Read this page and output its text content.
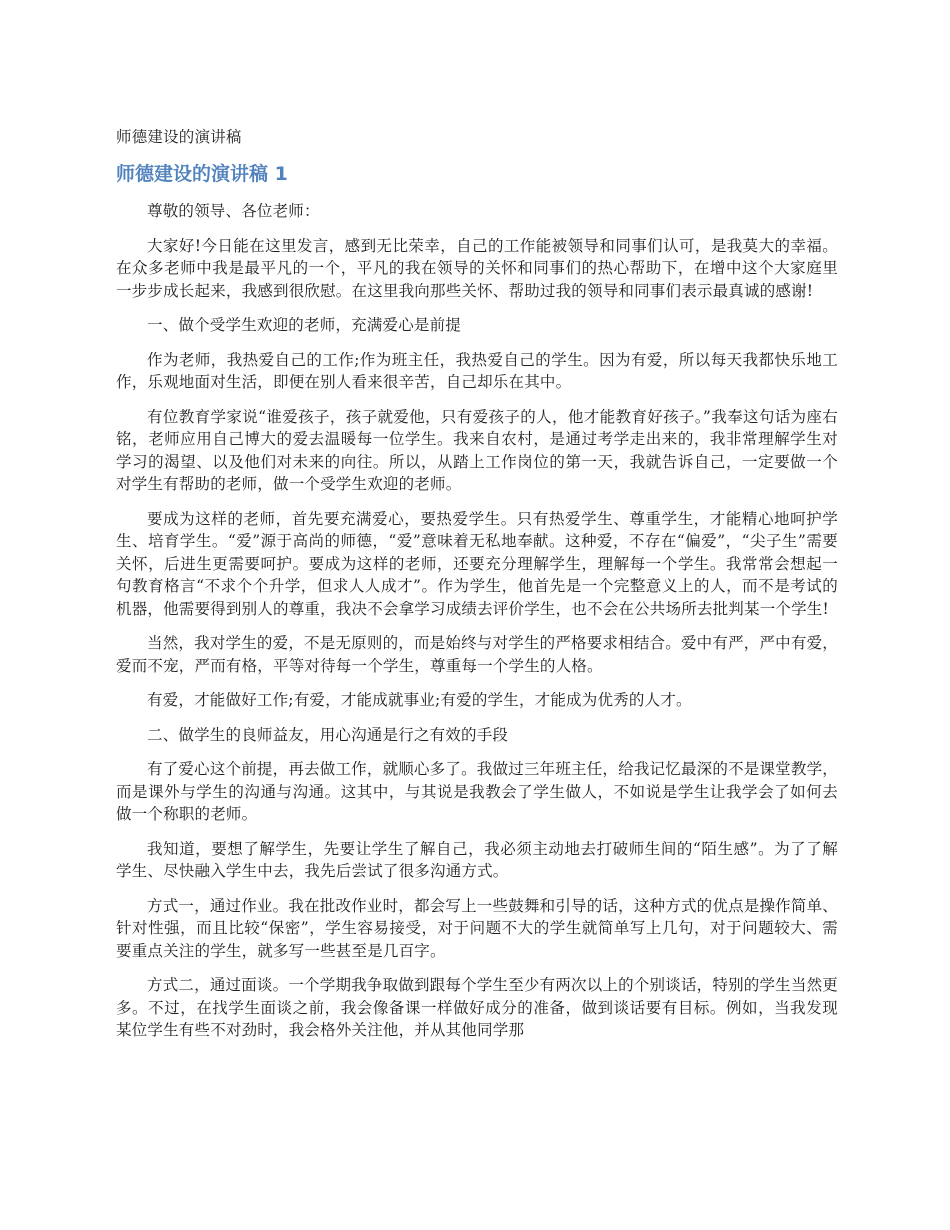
师德建设的演讲稿
师德建设的演讲稿 1

尊敬的领导、各位老师：

大家好!今日能在这里发言，感到无比荣幸，自己的工作能被领导和同事们认可，是我莫大的幸福。在众多老师中我是最平凡的一个，平凡的我在领导的关怀和同事们的热心帮助下，在增中这个大家庭里一步步成长起来，我感到很欣慰。在这里我向那些关怀、帮助过我的领导和同事们表示最真诚的感谢!

一、做个受学生欢迎的老师，充满爱心是前提

作为老师，我热爱自己的工作;作为班主任，我热爱自己的学生。因为有爱，所以每天我都快乐地工作，乐观地面对生活，即便在别人看来很辛苦，自己却乐在其中。

有位教育学家说“谁爱孩子，孩子就爱他，只有爱孩子的人，他才能教育好孩子。”我奉这句话为座右铭，老师应用自己博大的爱去温暖每一位学生。我来自农村，是通过考学走出来的，我非常理解学生对学习的渴望、以及他们对未来的向往。所以，从踏上工作岗位的第一天，我就告诉自己，一定要做一个对学生有帮助的老师，做一个受学生欢迎的老师。

要成为这样的老师，首先要充满爱心，要热爱学生。只有热爱学生、尊重学生，才能精心地呵护学生、培育学生。“爱”源于高尚的师德，“爱”意味着无私地奉献。这种爱，不存在“偏爱”，“尖子生”需要关怀，后进生更需要呵护。要成为这样的老师，还要充分理解学生，理解每一个学生。我常常会想起一句教育格言“不求个个升学，但求人人成才”。作为学生，他首先是一个完整意义上的人，而不是考试的机器，他需要得到别人的尊重，我决不会拿学习成绩去评价学生，也不会在公共场所去批判某一个学生!

当然，我对学生的爱，不是无原则的，而是始终与对学生的严格要求相结合。爱中有严，严中有爱，爱而不宠，严而有格，平等对待每一个学生，尊重每一个学生的人格。

有爱，才能做好工作;有爱，才能成就事业;有爱的学生，才能成为优秀的人才。

二、做学生的良师益友，用心沟通是行之有效的手段

有了爱心这个前提，再去做工作，就顺心多了。我做过三年班主任，给我记忆最深的不是课堂教学，而是课外与学生的沟通与沟通。这其中，与其说是我教会了学生做人，不如说是学生让我学会了如何去做一个称职的老师。

我知道，要想了解学生，先要让学生了解自己，我必须主动地去打破师生间的“陌生感”。为了了解学生、尽快融入学生中去，我先后尝试了很多沟通方式。

方式一，通过作业。我在批改作业时，都会写上一些鼓舞和引导的话，这种方式的优点是操作简单、针对性强，而且比较“保密”，学生容易接受，对于问题不大的学生就简单写上几句，对于问题较大、需要重点关注的学生，就多写一些甚至是几百字。

方式二，通过面谈。一个学期我争取做到跟每个学生至少有两次以上的个别谈话，特别的学生当然更多。不过，在找学生面谈之前，我会像备课一样做好成分的准备，做到谈话要有目标。例如，当我发现某位学生有些不对劲时，我会格外关注他，并从其他同学那
